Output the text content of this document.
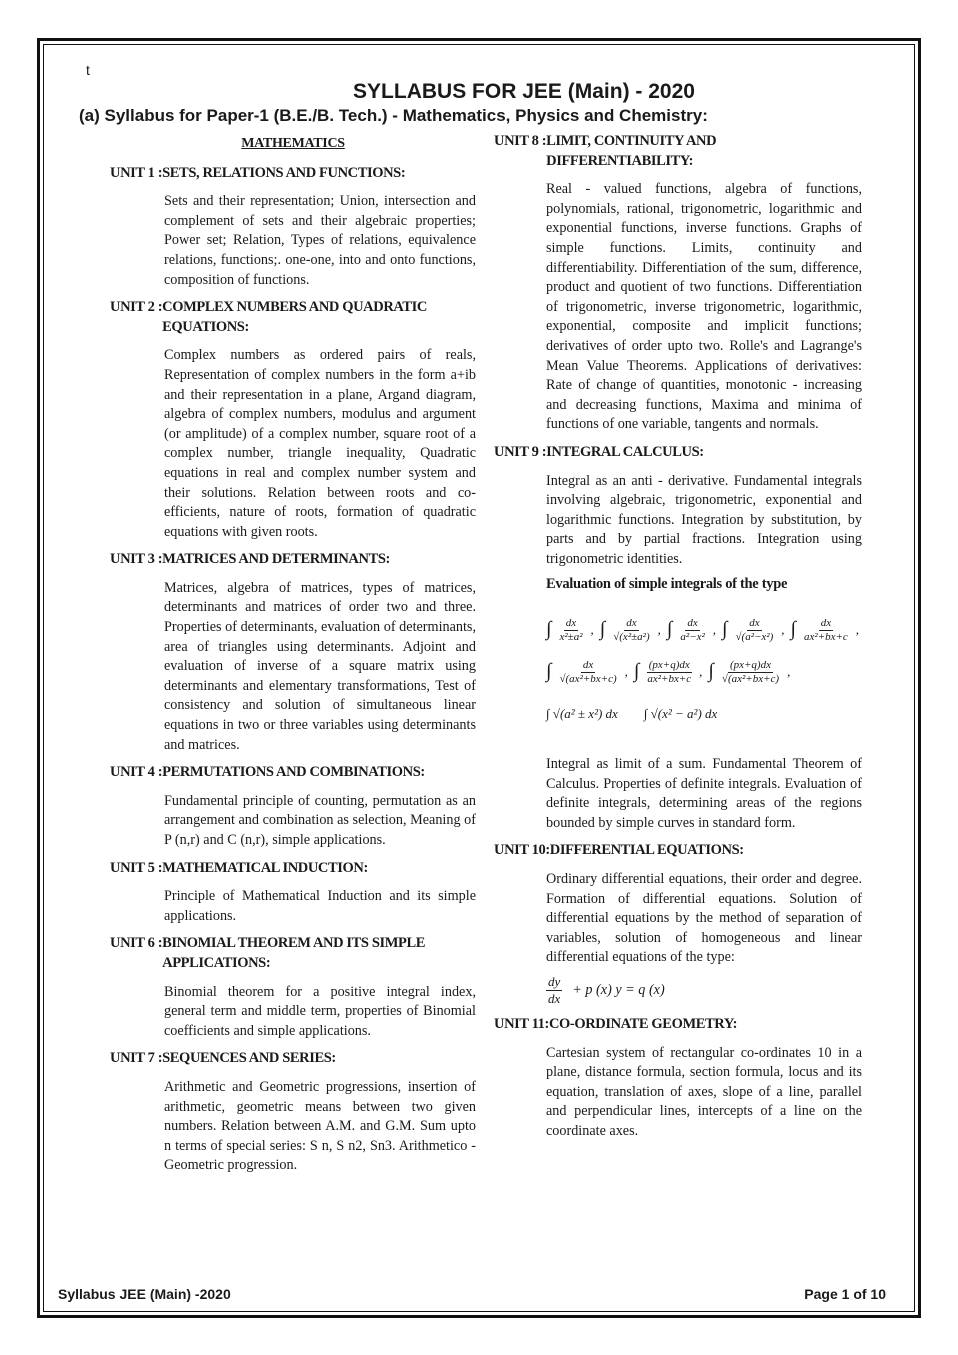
t
SYLLABUS FOR JEE (Main) - 2020
(a) Syllabus for Paper-1 (B.E./B. Tech.) - Mathematics, Physics and Chemistry:
MATHEMATICS
UNIT 1 : SETS, RELATIONS AND FUNCTIONS:
Sets and their representation; Union, intersection and complement of sets and their algebraic properties; Power set; Relation, Types of relations, equivalence relations, functions;. one-one, into and onto functions, composition of functions.
UNIT 2 : COMPLEX NUMBERS AND QUADRATIC EQUATIONS:
Complex numbers as ordered pairs of reals, Representation of complex numbers in the form a+ib and their representation in a plane, Argand diagram, algebra of complex numbers, modulus and argument (or amplitude) of a complex number, square root of a complex number, triangle inequality, Quadratic equations in real and complex number system and their solutions. Relation between roots and co-efficients, nature of roots, formation of quadratic equations with given roots.
UNIT 3 : MATRICES AND DETERMINANTS:
Matrices, algebra of matrices, types of matrices, determinants and matrices of order two and three. Properties of determinants, evaluation of determinants, area of triangles using determinants. Adjoint and evaluation of inverse of a square matrix using determinants and elementary transformations, Test of consistency and solution of simultaneous linear equations in two or three variables using determinants and matrices.
UNIT 4 : PERMUTATIONS AND COMBINATIONS:
Fundamental principle of counting, permutation as an arrangement and combination as selection, Meaning of P (n,r) and C (n,r), simple applications.
UNIT 5 : MATHEMATICAL INDUCTION:
Principle of Mathematical Induction and its simple applications.
UNIT 6 : BINOMIAL THEOREM AND ITS SIMPLE APPLICATIONS:
Binomial theorem for a positive integral index, general term and middle term, properties of Binomial coefficients and simple applications.
UNIT 7 : SEQUENCES AND SERIES:
Arithmetic and Geometric progressions, insertion of arithmetic, geometric means between two given numbers. Relation between A.M. and G.M. Sum upto n terms of special series: S n, S n2, Sn3. Arithmetico - Geometric progression.
UNIT 8 : LIMIT, CONTINUITY AND DIFFERENTIABILITY:
Real - valued functions, algebra of functions, polynomials, rational, trigonometric, logarithmic and exponential functions, inverse functions. Graphs of simple functions. Limits, continuity and differentiability. Differentiation of the sum, difference, product and quotient of two functions. Differentiation of trigonometric, inverse trigonometric, logarithmic, exponential, composite and implicit functions; derivatives of order upto two. Rolle's and Lagrange's Mean Value Theorems. Applications of derivatives: Rate of change of quantities, monotonic - increasing and decreasing functions, Maxima and minima of functions of one variable, tangents and normals.
UNIT 9 : INTEGRAL CALCULUS:
Integral as an anti - derivative. Fundamental integrals involving algebraic, trigonometric, exponential and logarithmic functions. Integration by substitution, by parts and by partial fractions. Integration using trigonometric identities.
Evaluation of simple integrals of the type
∫ $\frac{dx}{\text{x²±a²}}$ , ∫ $\frac{dx}{\text{√(x²±a²)}}$ , ∫ $\frac{dx}{\text{a²−x²}}$ , ∫ $\frac{dx}{\text{√(a²−x²)}}$ , ∫ $\frac{dx}{\text{ax²+bx+c}}$ ,
∫ $\frac{dx}{\text{√(ax²+bx+c)}}$ , ∫ $\frac{(px+q)dx}{\text{ax²+bx+c}}$ , ∫ $\frac{(px+q)dx}{\text{√(ax²+bx+c)}}$ ,
∫ √(a² ± x²) dx ∫ √(x² − a²) dx
Integral as limit of a sum. Fundamental Theorem of Calculus. Properties of definite integrals. Evaluation of definite integrals, determining areas of the regions bounded by simple curves in standard form.
UNIT 10: DIFFERENTIAL EQUATIONS:
Ordinary differential equations, their order and degree. Formation of differential equations. Solution of differential equations by the method of separation of variables, solution of homogeneous and linear differential equations of the type:
$\frac{dy}{dx} + p$ (x) y = q (x)
UNIT 11: CO-ORDINATE GEOMETRY:
Cartesian system of rectangular co-ordinates 10 in a plane, distance formula, section formula, locus and its equation, translation of axes, slope of a line, parallel and perpendicular lines, intercepts of a line on the coordinate axes.
Syllabus JEE (Main) -2020	Page 1 of 10
